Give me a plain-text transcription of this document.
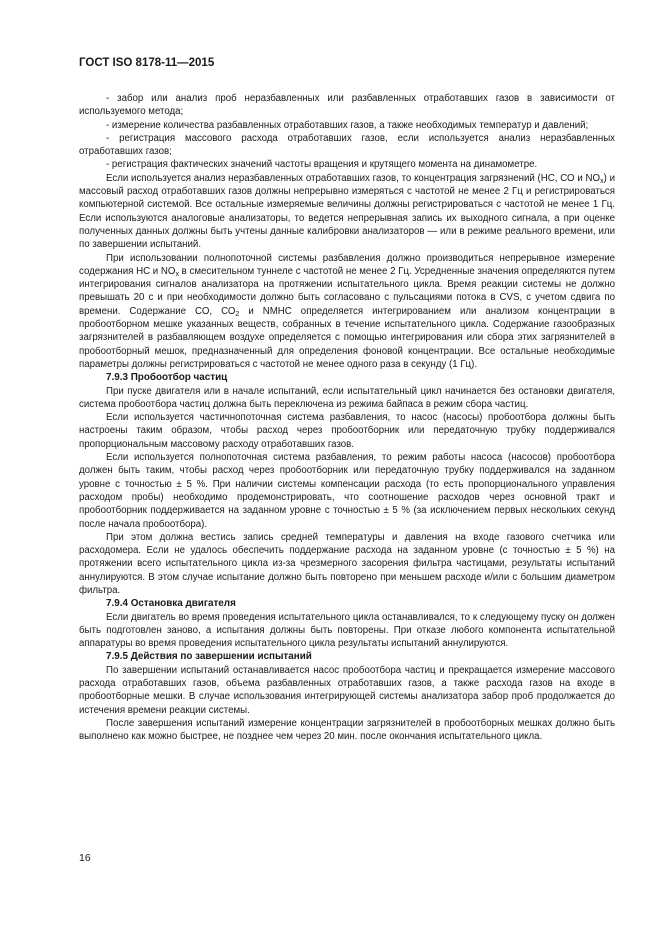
ГОСТ ISO 8178-11—2015

- забор или анализ проб неразбавленных или разбавленных отработавших газов в зависимости от используемого метода;

- измерение количества разбавленных отработавших газов, а также необходимых температур и давлений;

- регистрация массового расхода отработавших газов, если используется анализ неразбавленных отработавших газов;

- регистрация фактических значений частоты вращения и крутящего момента на динамометре.

Если используется анализ неразбавленных отработавших газов, то концентрация загрязнений (НС, СО и $NO_х$) и массовый расход отработавших газов должны непрерывно измеряться с частотой не менее 2 Гц и регистрироваться компьютерной системой. Все остальные измеряемые величины должны регистрироваться с частотой не менее 1 Гц. Если используются аналоговые анализаторы, то ведется непрерывная запись их выходного сигнала, а при оценке полученных данных должны быть учтены данные калибровки анализаторов — или в режиме реального времени, или по завершении испытаний.

При использовании полнопоточной системы разбавления должно производиться непрерывное измерение содержания НС и $NO_х$ в смесительном туннеле с частотой не менее 2 Гц. Усредненные значения определяются путем интегрирования сигналов анализатора на протяжении испытательного цикла. Время реакции системы не должно превышать 20 с и при необходимости должно быть согласовано с пульсациями потока в CVS, с учетом сдвига по времени. Содержание СО, $СО_2$ и NMHC определяется интегрированием или анализом концентрации в пробоотборном мешке указанных веществ, собранных в течение испытательного цикла. Содержание газообразных загрязнителей в разбавляющем воздухе определяется с помощью интегрирования или сбора этих загрязнителей в пробоотборный мешок, предназначенный для определения фоновой концентрации. Все остальные необходимые параметры должны регистрироваться с частотой не менее одного раза в секунду (1 Гц).

7.9.3 Пробоотбор частиц

При пуске двигателя или в начале испытаний, если испытательный цикл начинается без остановки двигателя, система пробоотбора частиц должна быть переключена из режима байпаса в режим сбора частиц.

Если используется частичнопоточная система разбавления, то насос (насосы) пробоотбора должны быть настроены таким образом, чтобы расход через пробоотборник или передаточную трубку поддерживался пропорциональным массовому расходу отработавших газов.

Если используется полнопоточная система разбавления, то режим работы насоса (насосов) пробоотбора должен быть таким, чтобы расход через пробоотборник или передаточную трубку поддерживался на заданном уровне с точностью ± 5 %. При наличии системы компенсации расхода (то есть пропорционального управления расходом пробы) необходимо продемонстрировать, что соотношение расходов через основной тракт и пробоотборник поддерживается на заданном уровне с точностью ± 5 % (за исключением первых нескольких секунд после начала пробоотбора).

При этом должна вестись запись средней температуры и давления на входе газового счетчика или расходомера. Если не удалось обеспечить поддержание расхода на заданном уровне (с точностью ± 5 %) на протяжении всего испытательного цикла из-за чрезмерного засорения фильтра частицами, результаты испытаний аннулируются. В этом случае испытание должно быть повторено при меньшем расходе и/или с большим диаметром фильтра.

7.9.4 Остановка двигателя

Если двигатель во время проведения испытательного цикла останавливался, то к следующему пуску он должен быть подготовлен заново, а испытания должны быть повторены. При отказе любого компонента испытательной аппаратуры во время проведения испытательного цикла результаты испытаний аннулируются.

7.9.5 Действия по завершении испытаний

По завершении испытаний останавливается насос пробоотбора частиц и прекращается измерение массового расхода отработавших газов, объема разбавленных отработавших газов, а также расхода газов на входе в пробоотборные мешки. В случае использования интегрирующей системы анализатора забор проб продолжается до истечения времени реакции системы.

После завершения испытаний измерение концентрации загрязнителей в пробоотборных мешках должно быть выполнено как можно быстрее, не позднее чем через 20 мин. после окончания испытательного цикла.

16
